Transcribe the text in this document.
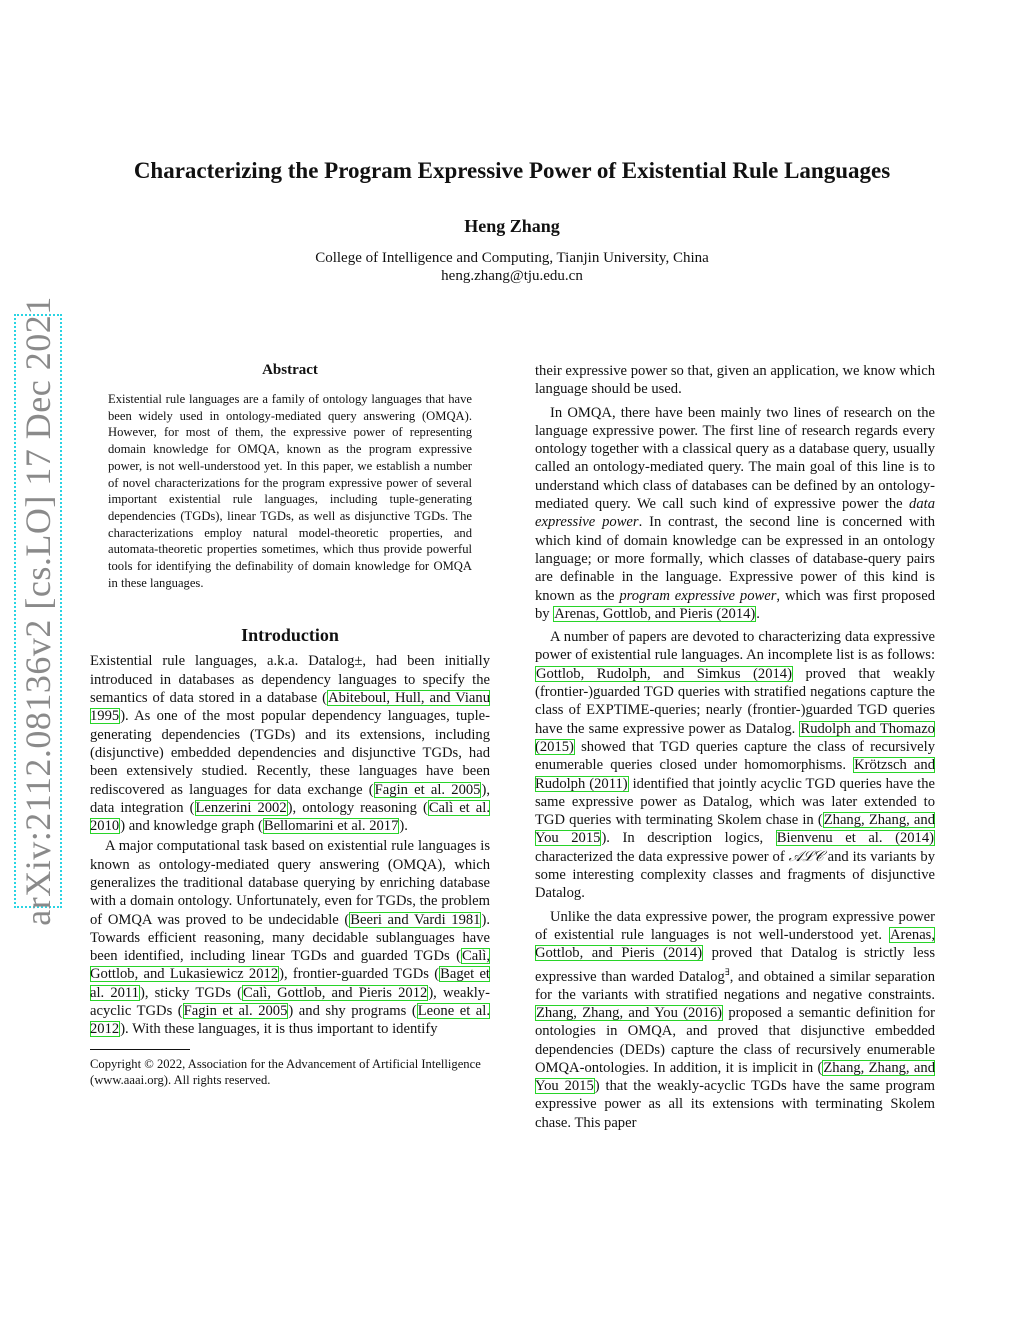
arXiv:2112.08136v2 [cs.LO] 17 Dec 2021
Characterizing the Program Expressive Power of Existential Rule Languages
Heng Zhang
College of Intelligence and Computing, Tianjin University, China
heng.zhang@tju.edu.cn
Abstract
Existential rule languages are a family of ontology languages that have been widely used in ontology-mediated query answering (OMQA). However, for most of them, the expressive power of representing domain knowledge for OMQA, known as the program expressive power, is not well-understood yet. In this paper, we establish a number of novel characterizations for the program expressive power of several important existential rule languages, including tuple-generating dependencies (TGDs), linear TGDs, as well as disjunctive TGDs. The characterizations employ natural model-theoretic properties, and automata-theoretic properties sometimes, which thus provide powerful tools for identifying the definability of domain knowledge for OMQA in these languages.
Introduction

Existential rule languages, a.k.a. Datalog±, had been initially introduced in databases as dependency languages to specify the semantics of data stored in a database (Abiteboul, Hull, and Vianu 1995). As one of the most popular dependency languages, tuple-generating dependencies (TGDs) and its extensions, including (disjunctive) embedded dependencies and disjunctive TGDs, had been extensively studied. Recently, these languages have been rediscovered as languages for data exchange (Fagin et al. 2005), data integration (Lenzerini 2002), ontology reasoning (Calì et al. 2010) and knowledge graph (Bellomarini et al. 2017).

A major computational task based on existential rule languages is known as ontology-mediated query answering (OMQA), which generalizes the traditional database querying by enriching database with a domain ontology. Unfortunately, even for TGDs, the problem of OMQA was proved to be undecidable (Beeri and Vardi 1981). Towards efficient reasoning, many decidable sublanguages have been identified, including linear TGDs and guarded TGDs (Calì, Gottlob, and Lukasiewicz 2012), frontier-guarded TGDs (Baget et al. 2011), sticky TGDs (Calì, Gottlob, and Pieris 2012), weakly-acyclic TGDs (Fagin et al. 2005) and shy programs (Leone et al. 2012). With these languages, it is thus important to identify

Copyright © 2022, Association for the Advancement of Artificial Intelligence (www.aaai.org). All rights reserved.

their expressive power so that, given an application, we know which language should be used.

In OMQA, there have been mainly two lines of research on the language expressive power. The first line of research regards every ontology together with a classical query as a database query, usually called an ontology-mediated query. The main goal of this line is to understand which class of databases can be defined by an ontology-mediated query. We call such kind of expressive power the data expressive power. In contrast, the second line is concerned with which kind of domain knowledge can be expressed in an ontology language; or more formally, which classes of database-query pairs are definable in the language. Expressive power of this kind is known as the program expressive power, which was first proposed by Arenas, Gottlob, and Pieris (2014).

A number of papers are devoted to characterizing data expressive power of existential rule languages. An incomplete list is as follows: Gottlob, Rudolph, and Simkus (2014) proved that weakly (frontier-)guarded TGD queries with stratified negations capture the class of EXPTIME-queries; nearly (frontier-)guarded TGD queries have the same expressive power as Datalog. Rudolph and Thomazo (2015) showed that TGD queries capture the class of recursively enumerable queries closed under homomorphisms. Krötzsch and Rudolph (2011) identified that jointly acyclic TGD queries have the same expressive power as Datalog, which was later extended to TGD queries with terminating Skolem chase in (Zhang, Zhang, and You 2015). In description logics, Bienvenu et al. (2014) characterized the data expressive power of 𝒜ℒ𝒞 and its variants by some interesting complexity classes and fragments of disjunctive Datalog.

Unlike the data expressive power, the program expressive power of existential rule languages is not well-understood yet. Arenas, Gottlob, and Pieris (2014) proved that Datalog is strictly less expressive than warded Datalog∃, and obtained a similar separation for the variants with stratified negations and negative constraints. Zhang, Zhang, and You (2016) proposed a semantic definition for ontologies in OMQA, and proved that disjunctive embedded dependencies (DEDs) capture the class of recursively enumerable OMQA-ontologies. In addition, it is implicit in (Zhang, Zhang, and You 2015) that the weakly-acyclic TGDs have the same program expressive power as all its extensions with terminating Skolem chase. This paper
